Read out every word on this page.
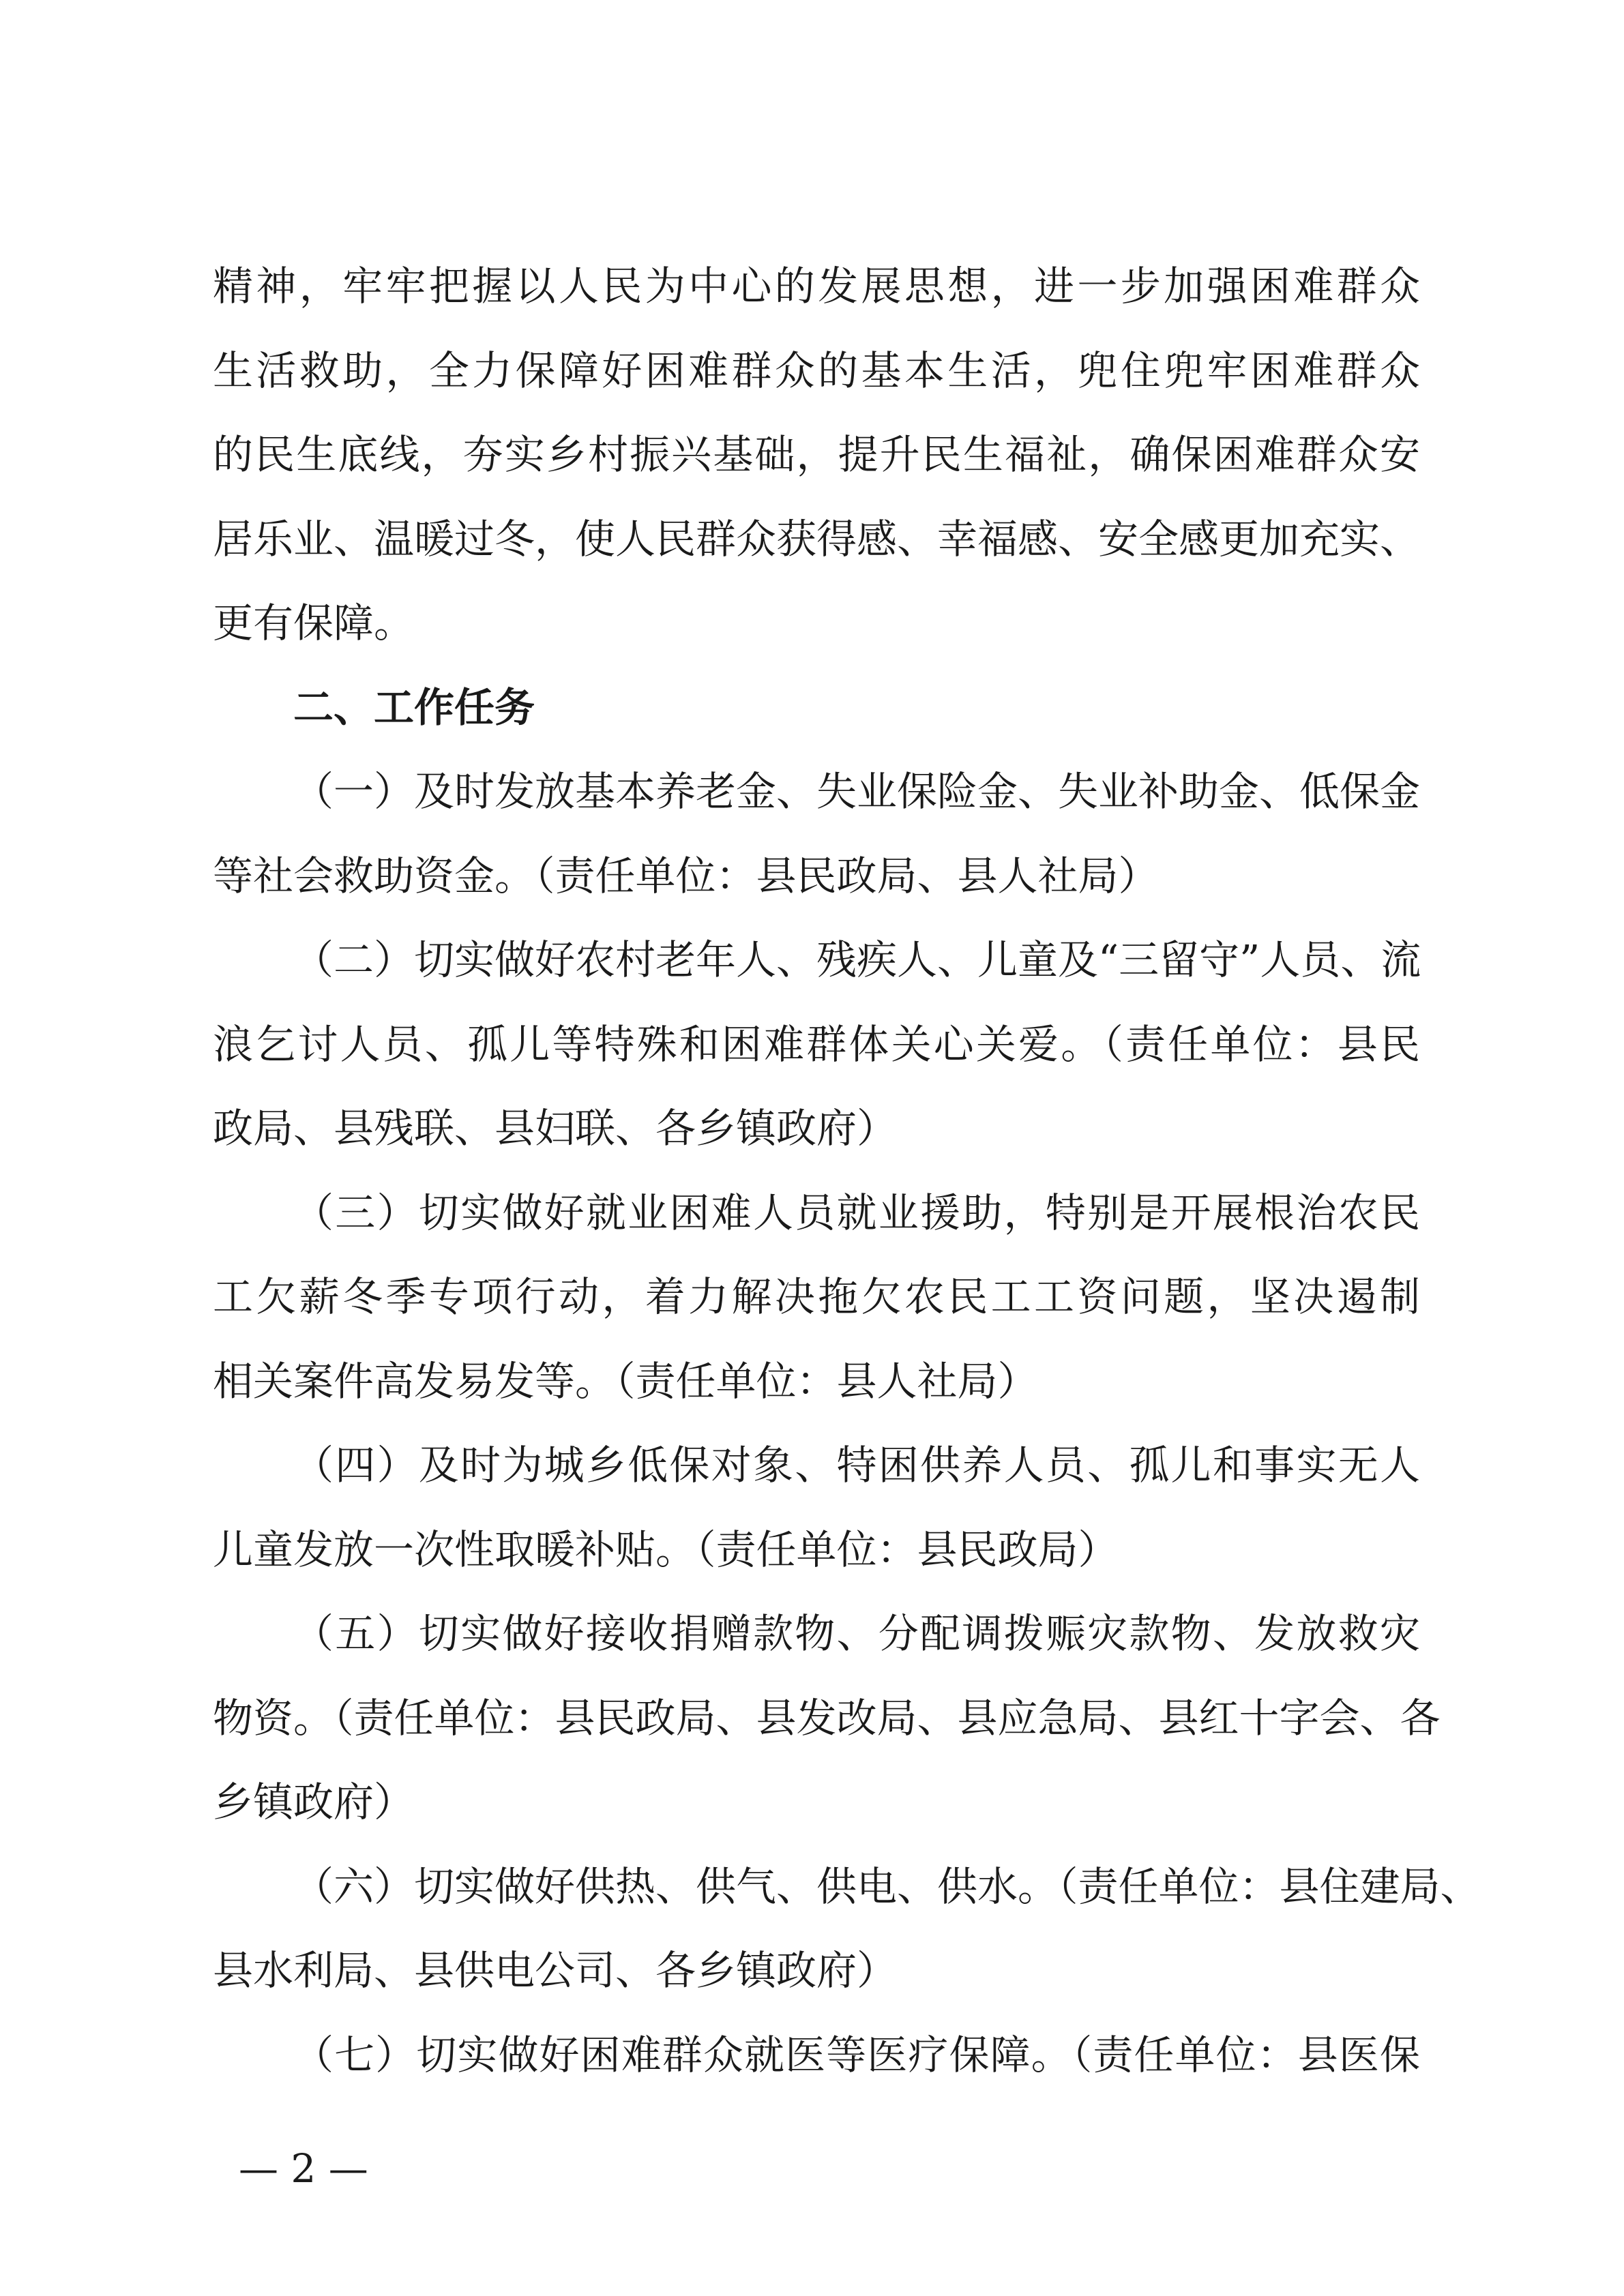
精神，牢牢把握以人民为中心的发展思想，进一步加强困难群众
生活救助，全力保障好困难群众的基本生活，兜住兜牢困难群众
的民生底线，夯实乡村振兴基础，提升民生福祉，确保困难群众安
居乐业、温暖过冬，使人民群众获得感、幸福感、安全感更加充实、
更有保障。
二、工作任务
（一）及时发放基本养老金、失业保险金、失业补助金、低保金
等社会救助资金。（责任单位：县民政局、县人社局）
（二）切实做好农村老年人、残疾人、儿童及“三留守”人员、流
浪乞讨人员、孤儿等特殊和困难群体关心关爱。（责任单位：县民
政局、县残联、县妇联、各乡镇政府）
（三）切实做好就业困难人员就业援助，特别是开展根治农民
工欠薪冬季专项行动，着力解决拖欠农民工工资问题，坚决遏制
相关案件高发易发等。（责任单位：县人社局）
（四）及时为城乡低保对象、特困供养人员、孤儿和事实无人
儿童发放一次性取暖补贴。（责任单位：县民政局）
（五）切实做好接收捐赠款物、分配调拨赈灾款物、发放救灾
物资。（责任单位：县民政局、县发改局、县应急局、县红十字会、各
乡镇政府）
（六）切实做好供热、供气、供电、供水。（责任单位：县住建局、
县水利局、县供电公司、各乡镇政府）
（七）切实做好困难群众就医等医疗保障。（责任单位：县医保
— 2 —
